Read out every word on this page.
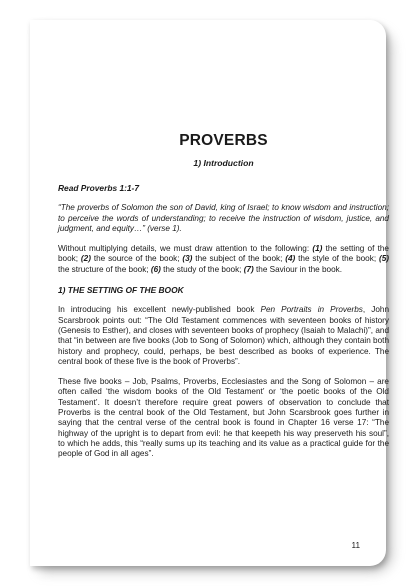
PROVERBS
1) Introduction
Read Proverbs 1:1-7
“The proverbs of Solomon the son of David, king of Israel; to know wisdom and instruction; to perceive the words of understanding; to receive the instruction of wisdom, justice, and judgment, and equity…” (verse 1).
Without multiplying details, we must draw attention to the following: (1) the setting of the book; (2) the source of the book; (3) the subject of the book; (4) the style of the book; (5) the structure of the book; (6) the study of the book; (7) the Saviour in the book.
1) THE SETTING OF THE BOOK
In introducing his excellent newly-published book Pen Portraits in Proverbs, John Scarsbrook points out: “The Old Testament commences with seventeen books of history (Genesis to Esther), and closes with seventeen books of prophecy (Isaiah to Malachi)”, and that “in between are five books (Job to Song of Solomon) which, although they contain both history and prophecy, could, perhaps, be best described as books of experience. The central book of these five is the book of Proverbs”.
These five books – Job, Psalms, Proverbs, Ecclesiastes and the Song of Solomon – are often called ‘the wisdom books of the Old Testament’ or ‘the poetic books of the Old Testament’. It doesn’t therefore require great powers of observation to conclude that Proverbs is the central book of the Old Testament, but John Scarsbrook goes further in saying that the central verse of the central book is found in Chapter 16 verse 17: “The highway of the upright is to depart from evil: he that keepeth his way preserveth his soul”, to which he adds, this “really sums up its teaching and its value as a practical guide for the people of God in all ages”.
11
